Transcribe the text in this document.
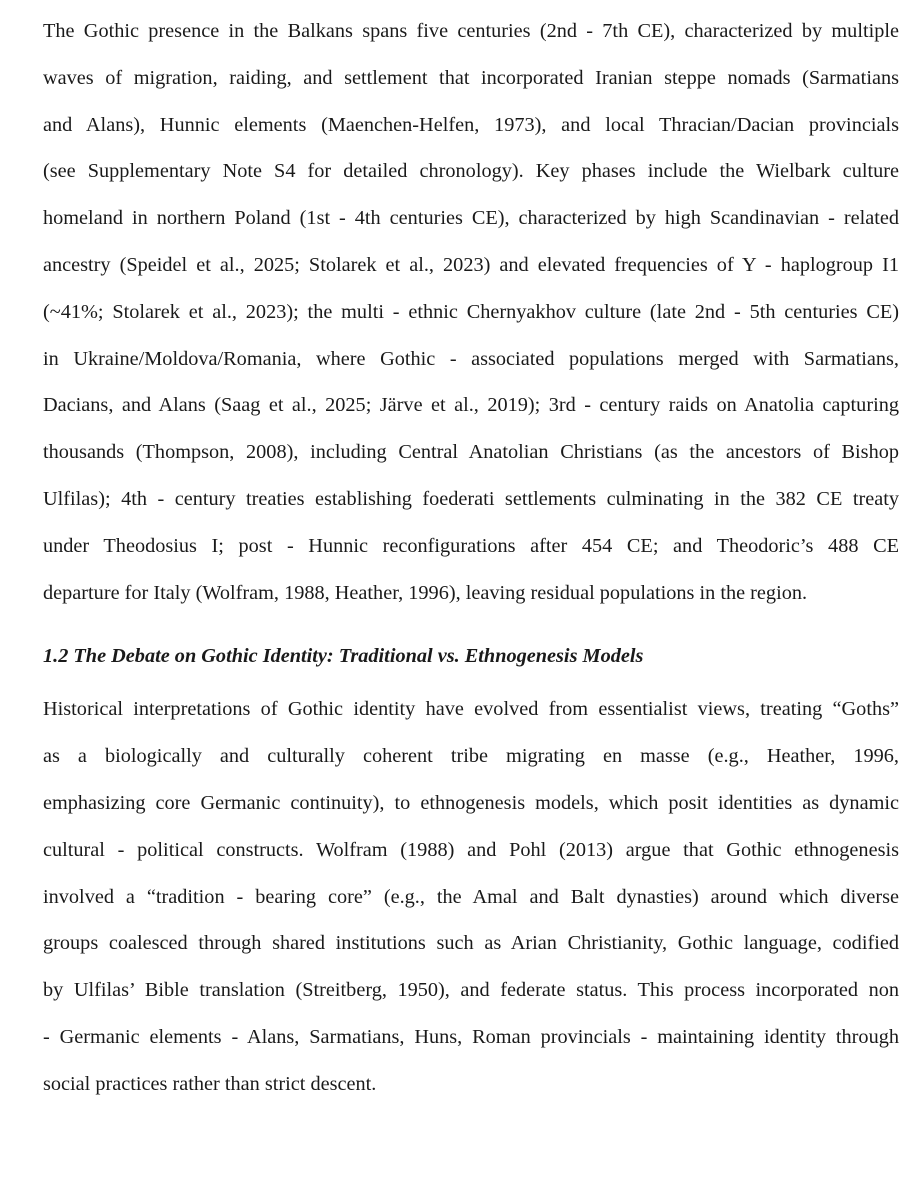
The Gothic presence in the Balkans spans five centuries (2nd - 7th CE), characterized by multiple
waves of migration, raiding, and settlement that incorporated Iranian steppe nomads (Sarmatians
and Alans), Hunnic elements (Maenchen-Helfen, 1973), and local Thracian/Dacian provincials
(see Supplementary Note S4 for detailed chronology). Key phases include the Wielbark culture
homeland in northern Poland (1st - 4th centuries CE), characterized by high Scandinavian - related
ancestry (Speidel et al., 2025; Stolarek et al., 2023) and elevated frequencies of Y - haplogroup I1
(~41%; Stolarek et al., 2023); the multi - ethnic Chernyakhov culture (late 2nd - 5th centuries CE)
in Ukraine/Moldova/Romania, where Gothic - associated populations merged with Sarmatians,
Dacians, and Alans (Saag et al., 2025; Järve et al., 2019); 3rd - century raids on Anatolia capturing
thousands (Thompson, 2008), including Central Anatolian Christians (as the ancestors of Bishop
Ulfilas); 4th - century treaties establishing foederati settlements culminating in the 382 CE treaty
under Theodosius I; post - Hunnic reconfigurations after 454 CE; and Theodoric’s 488 CE
departure for Italy (Wolfram, 1988, Heather, 1996), leaving residual populations in the region.
1.2 The Debate on Gothic Identity: Traditional vs. Ethnogenesis Models
Historical interpretations of Gothic identity have evolved from essentialist views, treating “Goths”
as a biologically and culturally coherent tribe migrating en masse (e.g., Heather, 1996,
emphasizing core Germanic continuity), to ethnogenesis models, which posit identities as dynamic
cultural - political constructs. Wolfram (1988) and Pohl (2013) argue that Gothic ethnogenesis
involved a “tradition - bearing core” (e.g., the Amal and Balt dynasties) around which diverse
groups coalesced through shared institutions such as Arian Christianity, Gothic language, codified
by Ulfilas’ Bible translation (Streitberg, 1950), and federate status. This process incorporated non
- Germanic elements - Alans, Sarmatians, Huns, Roman provincials - maintaining identity through
social practices rather than strict descent.
